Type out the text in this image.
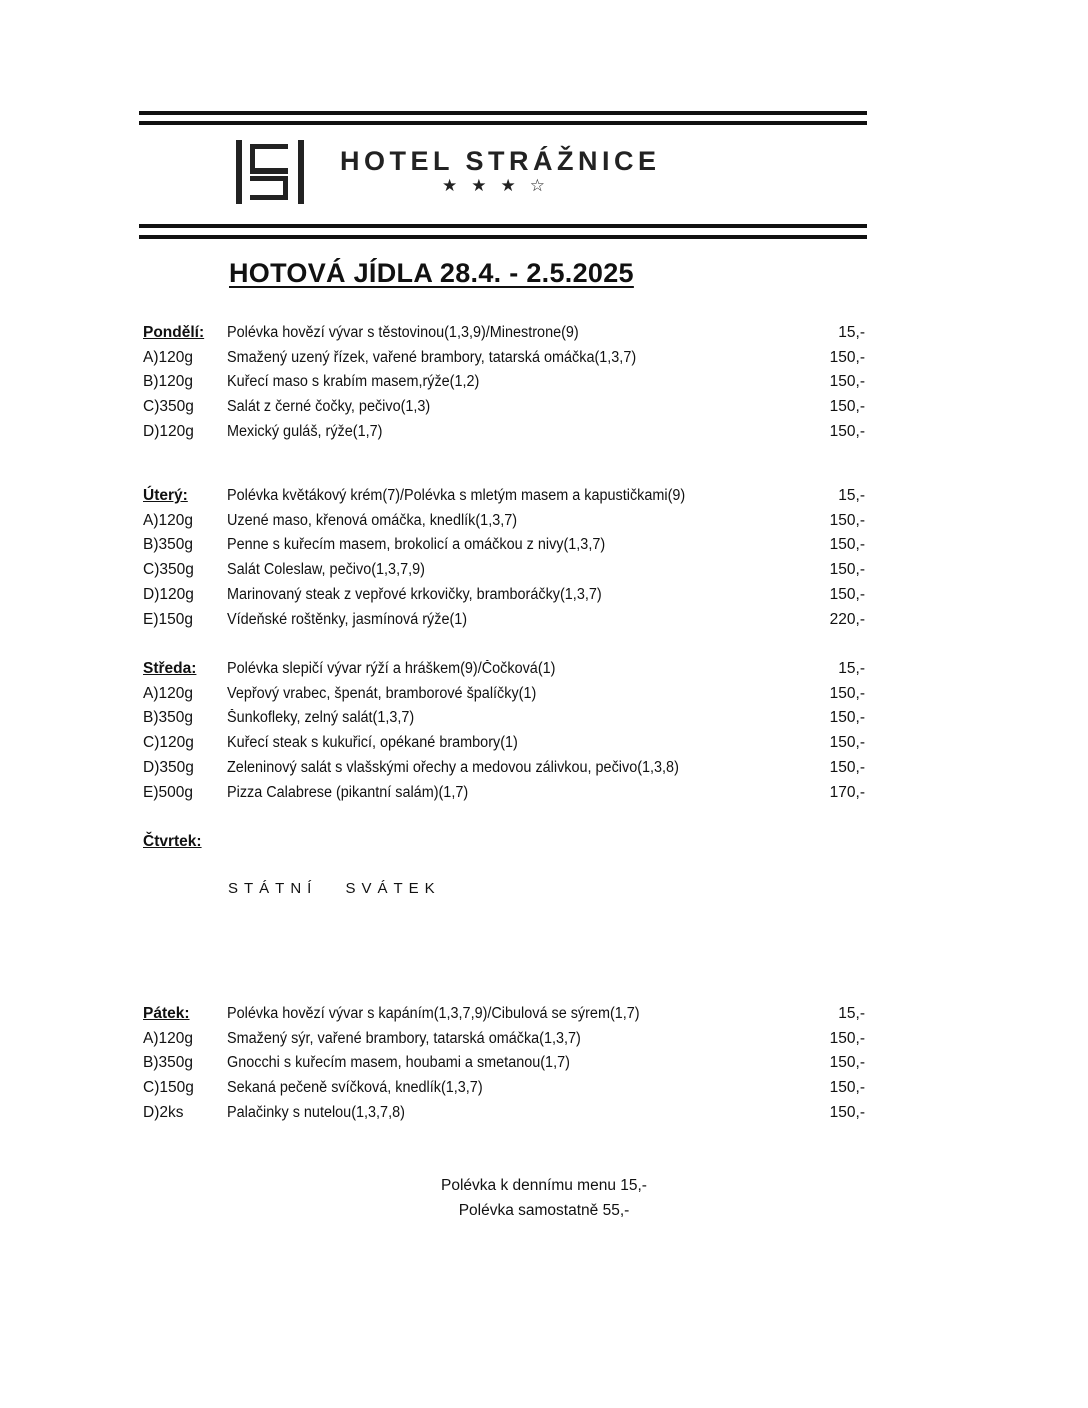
HOTEL STRÁŽNICE
★★★☆
HOTOVÁ JÍDLA 28.4. - 2.5.2025
Pondělí: Polévka hovězí vývar s těstovinou(1,3,9)/Minestrone(9)	15,-
A)120g Smažený uzený řízek, vařené brambory, tatarská omáčka(1,3,7)	150,-
B)120g Kuřecí maso s krabím masem,rýže(1,2)	150,-
C)350g Salát z černé čočky, pečivo(1,3)	150,-
D)120g Mexický guláš, rýže(1,7)	150,-
Úterý:	Polévka květákový krém(7)/Polévka s mletým masem a kapustičkami(9)	15,-
A)120g Uzené maso, křenová omáčka, knedlík(1,3,7)	150,-
B)350g Penne s kuřecím masem, brokolicí a omáčkou z nivy(1,3,7)	150,-
C)350g Salát Coleslaw, pečivo(1,3,7,9)	150,-
D)120g Marinovaný steak z vepřové krkovičky, bramboráčky(1,3,7)	150,-
E)150g Vídeňské roštěnky, jasmínová rýže(1)	220,-
Středa: Polévka slepičí vývar rýží a hráškem(9)/Čočková(1)	15,-
A)120g Vepřový vrabec, špenát, bramborové špalíčky(1)	150,-
B)350g Šunkofleky, zelný salát(1,3,7)	150,-
C)120g Kuřecí steak s kukuřicí, opékané brambory(1)	150,-
D)350g Zeleninový salát s vlašskými ořechy a medovou zálivkou, pečivo(1,3,8)	150,-
E)500g Pizza Calabrese (pikantní salám)(1,7)	170,-
Čtvrtek:
Pátek: Polévka hovězí vývar s kapáním(1,3,7,9)/Cibulová se sýrem(1,7)	15,-
A)120g Smažený sýr, vařené brambory, tatarská omáčka(1,3,7)	150,-
B)350g Gnocchi s kuřecím masem, houbami a smetanou(1,7)	150,-
C)150g Sekaná pečeně svíčková, knedlík(1,3,7)	150,-
D)2ks	Palačinky s nutelou(1,3,7,8)	150,-
STÁTNÍ SVÁTEK
Polévka k dennímu menu 15,-
Polévka samostatně 55,-
